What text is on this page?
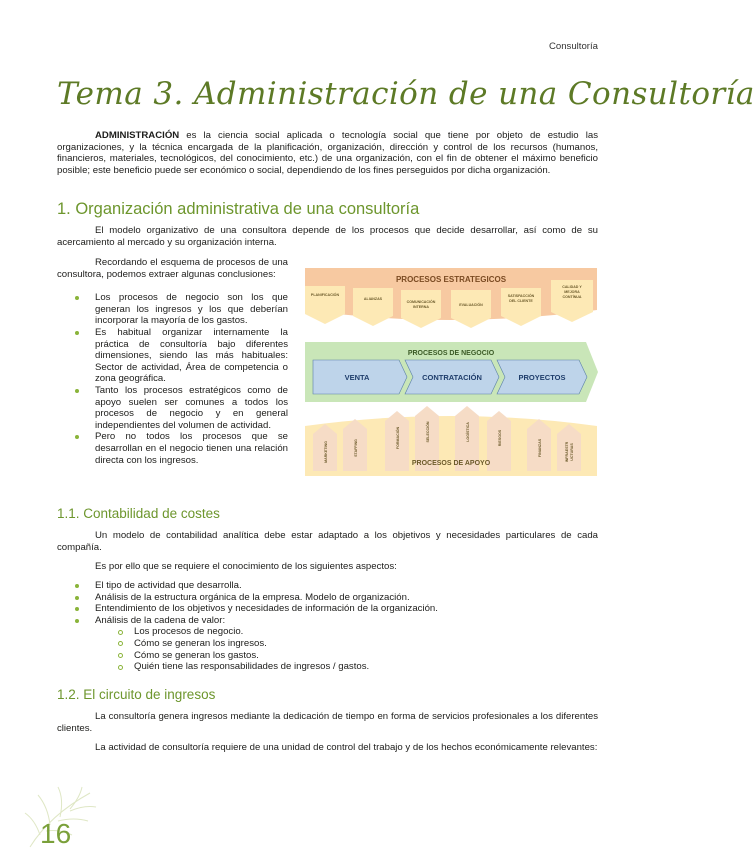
Consultoría
Tema 3. Administración de una Consultoría

ADMINISTRACIÓN es la ciencia social aplicada o tecnología social que tiene por objeto de estudio las organizaciones, y la técnica encargada de la planificación, organización, dirección y control de los recursos (humanos, financieros, materiales, tecnológicos, del conocimiento, etc.) de una organización, con el fin de obtener el máximo beneficio posible; este beneficio puede ser económico o social, dependiendo de los fines perseguidos por dicha organización.

1. Organización administrativa de una consultoría

El modelo organizativo de una consultora depende de los procesos que decide desarrollar, así como de su acercamiento al mercado y su organización interna.

Recordando el esquema de procesos de una consultora, podemos extraer algunas conclusiones:

Los procesos de negocio son los que generan los ingresos y los que deberían incorporar la mayoría de los gastos.
Es habitual organizar internamente la práctica de consultoría bajo diferentes dimensiones, siendo las más habituales: Sector de actividad, Área de competencia o zona geográfica.
Tanto los procesos estratégicos como de apoyo suelen ser comunes a todos los procesos de negocio y en general independientes del volumen de actividad.
Pero no todos los procesos que se desarrollan en el negocio tienen una relación directa con los ingresos.
PROCESOS ESTRATEGICOS
PLANIFICACIÓN
ALIANZAS
COMUNICACIÓN
INTERNA	EVALUACIÓN
SATISFACCIÓN
DEL CLIENTE
CALIDAD Y
MEJORA
CONTÍNUA
PROCESOS DE NEGOCIO
VENTA	CONTRATACIÓN	PROYECTOS
MARKETING	STAFFING	FORMACIÓN	SELECCIÓN	LOGÍSTICA	RIESGOS
FINANZAS	INFRAESTR UCTURAS
PROCESOS DE APOYO
1.1. Contabilidad de costes

Un modelo de contabilidad analítica debe estar adaptado a los objetivos y necesidades particulares de cada compañía.

Es por ello que se requiere el conocimiento de los siguientes aspectos:

El tipo de actividad que desarrolla.
Análisis de la estructura orgánica de la empresa. Modelo de organización.
Entendimiento de los objetivos y necesidades de información de la organización.
Análisis de la cadena de valor:
Los procesos de negocio.
Cómo se generan los ingresos.
Cómo se generan los gastos.
Quién tiene las responsabilidades de ingresos / gastos.
1.2. El circuito de ingresos

La consultoría genera ingresos mediante la dedicación de tiempo en forma de servicios profesionales a los diferentes clientes.

La actividad de consultoría requiere de una unidad de control del trabajo y de los hechos económicamente relevantes:

16
